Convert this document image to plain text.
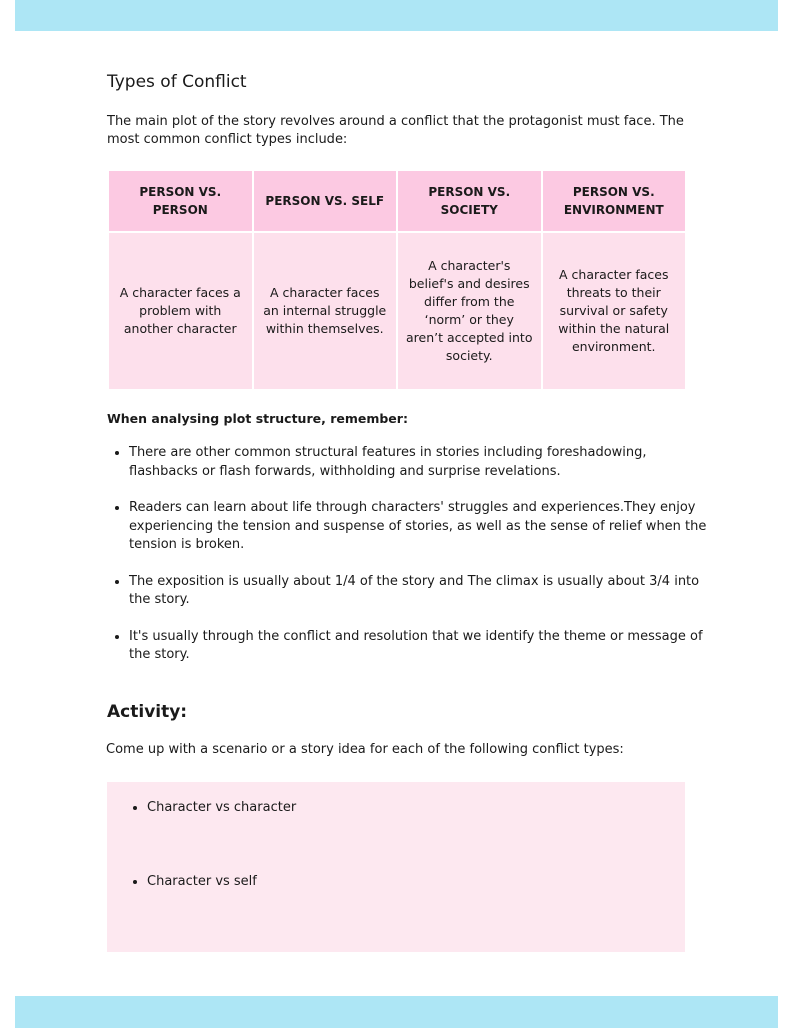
Types of Conflict

The main plot of the story revolves around a conflict that the protagonist must face. The most common conflict types include:

PERSON VS. PERSON	PERSON VS. SELF	PERSON VS. SOCIETY	PERSON VS. ENVIRONMENT
A character faces a problem with another character	A character faces an internal struggle within themselves.	A character's belief's and desires differ from the ‘norm’ or they aren’t accepted into society.	A character faces threats to their survival or safety within the natural environment.

When analysing plot structure, remember:

• There are other common structural features in stories including foreshadowing, flashbacks or flash forwards, withholding and surprise revelations.
• Readers can learn about life through characters' struggles and experiences.They enjoy experiencing the tension and suspense of stories, as well as the sense of relief when the tension is broken.
• The exposition is usually about 1/4 of the story and The climax is usually about 3/4 into the story.
• It's usually through the conflict and resolution that we identify the theme or message of the story.
Activity:

Come up with a scenario or a story idea for each of the following conflict types:

• Character vs character
• Character vs self
